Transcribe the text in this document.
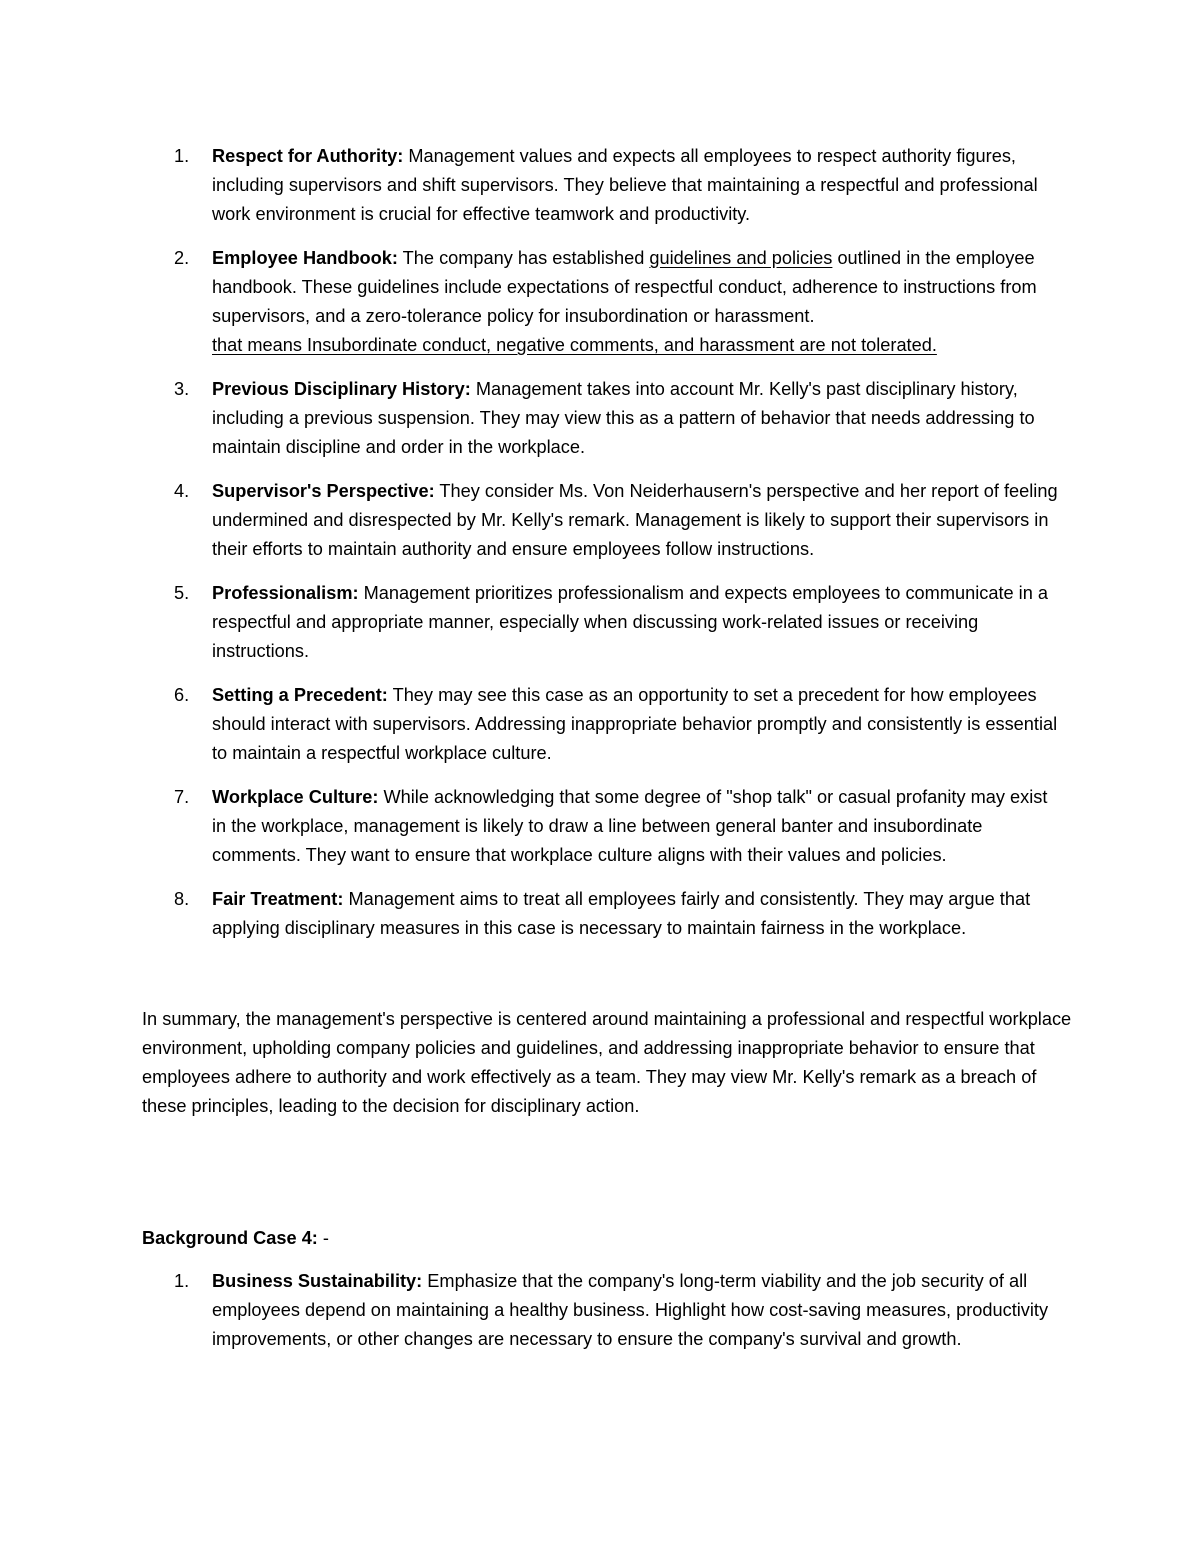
1. Respect for Authority: Management values and expects all employees to respect authority figures, including supervisors and shift supervisors. They believe that maintaining a respectful and professional work environment is crucial for effective teamwork and productivity.
2. Employee Handbook: The company has established guidelines and policies outlined in the employee handbook. These guidelines include expectations of respectful conduct, adherence to instructions from supervisors, and a zero-tolerance policy for insubordination or harassment.
that means Insubordinate conduct, negative comments, and harassment are not tolerated.
3. Previous Disciplinary History: Management takes into account Mr. Kelly's past disciplinary history, including a previous suspension. They may view this as a pattern of behavior that needs addressing to maintain discipline and order in the workplace.
4. Supervisor's Perspective: They consider Ms. Von Neiderhausern's perspective and her report of feeling undermined and disrespected by Mr. Kelly's remark. Management is likely to support their supervisors in their efforts to maintain authority and ensure employees follow instructions.
5. Professionalism: Management prioritizes professionalism and expects employees to communicate in a respectful and appropriate manner, especially when discussing work-related issues or receiving instructions.
6. Setting a Precedent: They may see this case as an opportunity to set a precedent for how employees should interact with supervisors. Addressing inappropriate behavior promptly and consistently is essential to maintain a respectful workplace culture.
7. Workplace Culture: While acknowledging that some degree of "shop talk" or casual profanity may exist in the workplace, management is likely to draw a line between general banter and insubordinate comments. They want to ensure that workplace culture aligns with their values and policies.
8. Fair Treatment: Management aims to treat all employees fairly and consistently. They may argue that applying disciplinary measures in this case is necessary to maintain fairness in the workplace.

In summary, the management's perspective is centered around maintaining a professional and respectful workplace environment, upholding company policies and guidelines, and addressing inappropriate behavior to ensure that employees adhere to authority and work effectively as a team. They may view Mr. Kelly's remark as a breach of these principles, leading to the decision for disciplinary action.

Background Case 4: -

1. Business Sustainability: Emphasize that the company's long-term viability and the job security of all employees depend on maintaining a healthy business. Highlight how cost-saving measures, productivity improvements, or other changes are necessary to ensure the company's survival and growth.
